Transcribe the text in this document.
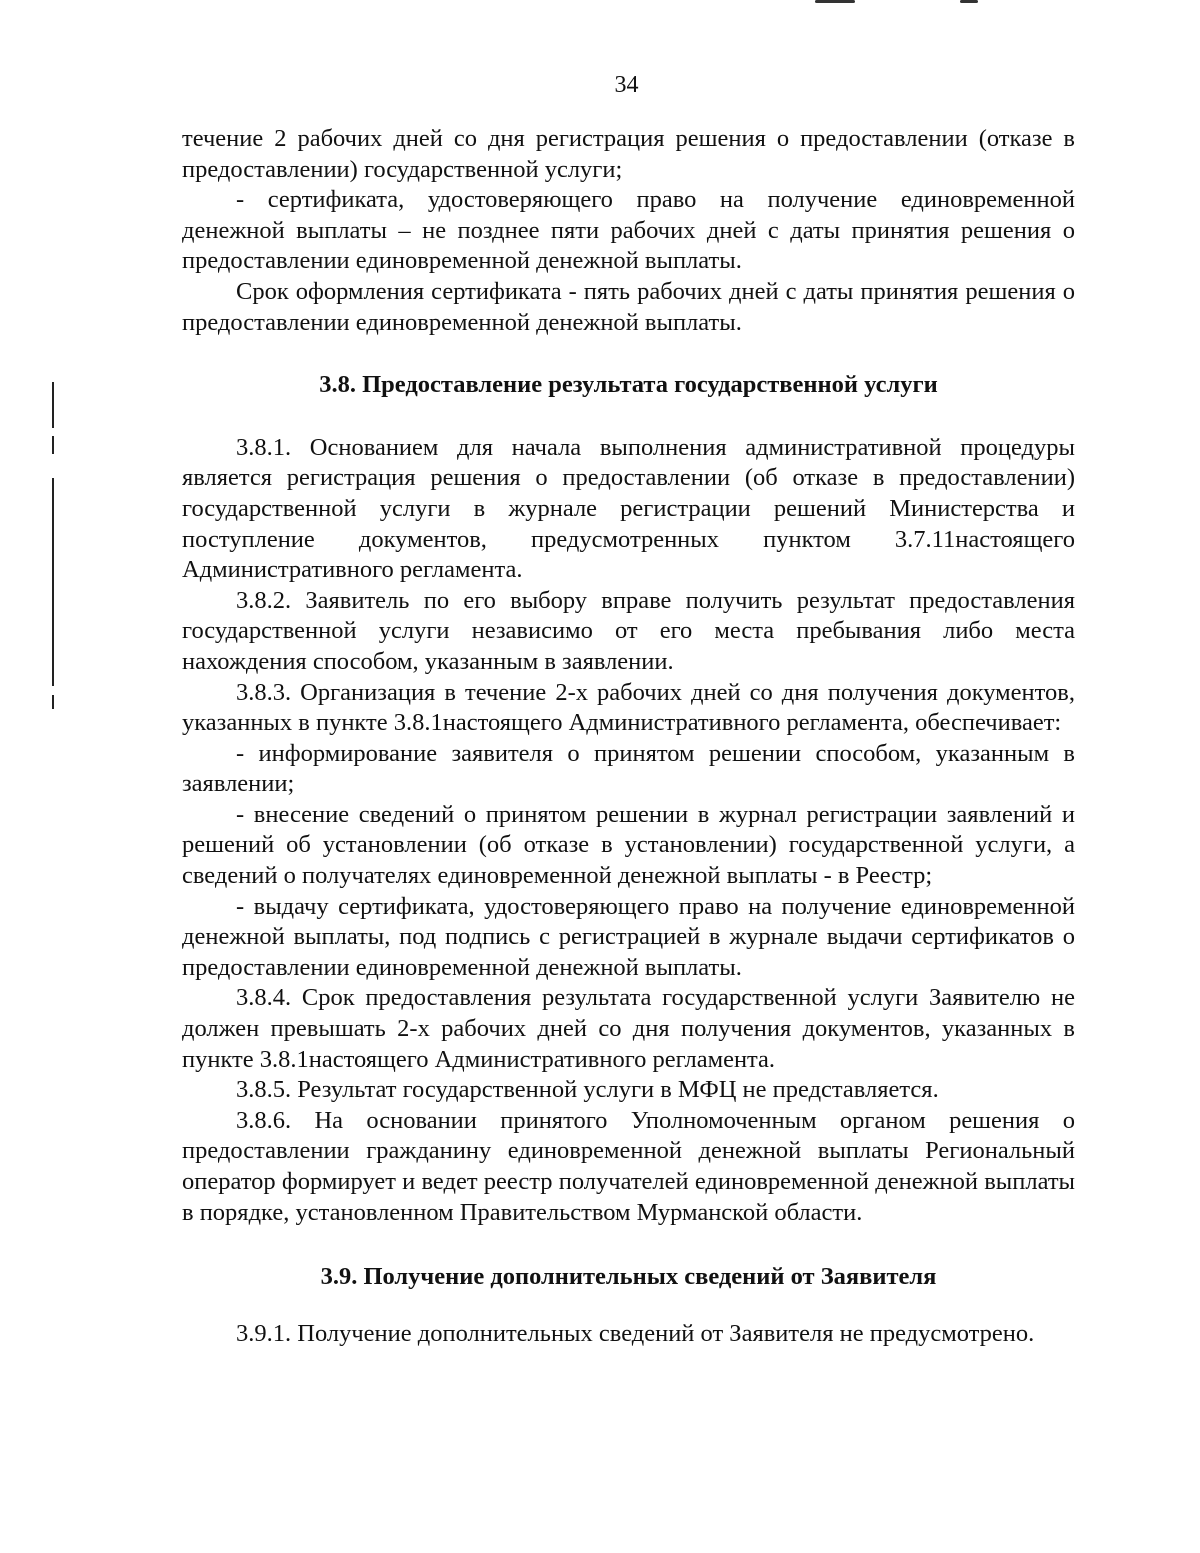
34

течение 2 рабочих дней со дня регистрация решения о предоставлении (отказе в предоставлении) государственной услуги;

- сертификата, удостоверяющего право на получение единовременной денежной выплаты – не позднее пяти рабочих дней с даты принятия решения о предоставлении единовременной денежной выплаты.

Срок оформления сертификата - пять рабочих дней с даты принятия решения о предоставлении единовременной денежной выплаты.

3.8. Предоставление результата государственной услуги

3.8.1. Основанием для начала выполнения административной процедуры является регистрация решения о предоставлении (об отказе в предоставлении) государственной услуги в журнале регистрации решений Министерства и поступление документов, предусмотренных пунктом 3.7.11настоящего Административного регламента.

3.8.2. Заявитель по его выбору вправе получить результат предоставления государственной услуги независимо от его места пребывания либо места нахождения способом, указанным в заявлении.

3.8.3. Организация в течение 2-х рабочих дней со дня получения документов, указанных в пункте 3.8.1настоящего Административного регламента, обеспечивает:

- информирование заявителя о принятом решении способом, указанным в заявлении;

- внесение сведений о принятом решении в журнал регистрации заявлений и решений об установлении (об отказе в установлении) государственной услуги, а сведений о получателях единовременной денежной выплаты - в Реестр;

- выдачу сертификата, удостоверяющего право на получение единовременной денежной выплаты, под подпись с регистрацией в журнале выдачи сертификатов о предоставлении единовременной денежной выплаты.

3.8.4. Срок предоставления результата государственной услуги Заявителю не должен превышать 2-х рабочих дней со дня получения документов, указанных в пункте 3.8.1настоящего Административного регламента.

3.8.5. Результат государственной услуги в МФЦ не представляется.

3.8.6. На основании принятого Уполномоченным органом решения о предоставлении гражданину единовременной денежной выплаты Региональный оператор формирует и ведет реестр получателей единовременной денежной выплаты в порядке, установленном Правительством Мурманской области.

3.9. Получение дополнительных сведений от Заявителя

3.9.1. Получение дополнительных сведений от Заявителя не предусмотрено.
